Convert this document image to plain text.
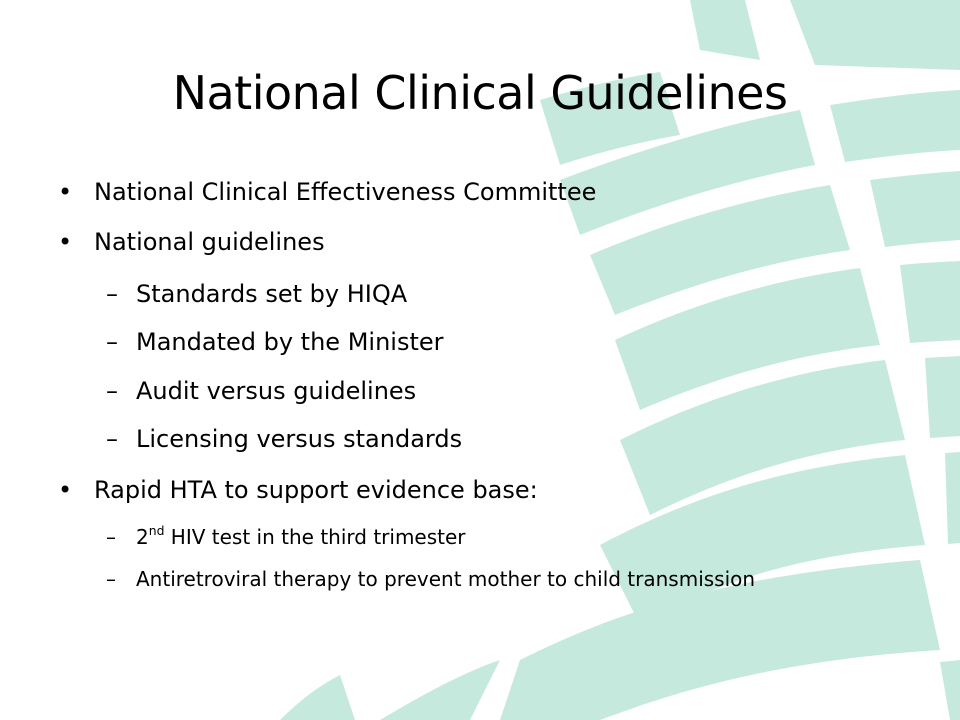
National Clinical Guidelines
• National Clinical Effectiveness Committee
• National guidelines
– Standards set by HIQA
– Mandated by the Minister
– Audit versus guidelines
– Licensing versus standards
• Rapid HTA to support evidence base:
– 2nd HIV test in the third trimester
– Antiretroviral therapy to prevent mother to child transmission
